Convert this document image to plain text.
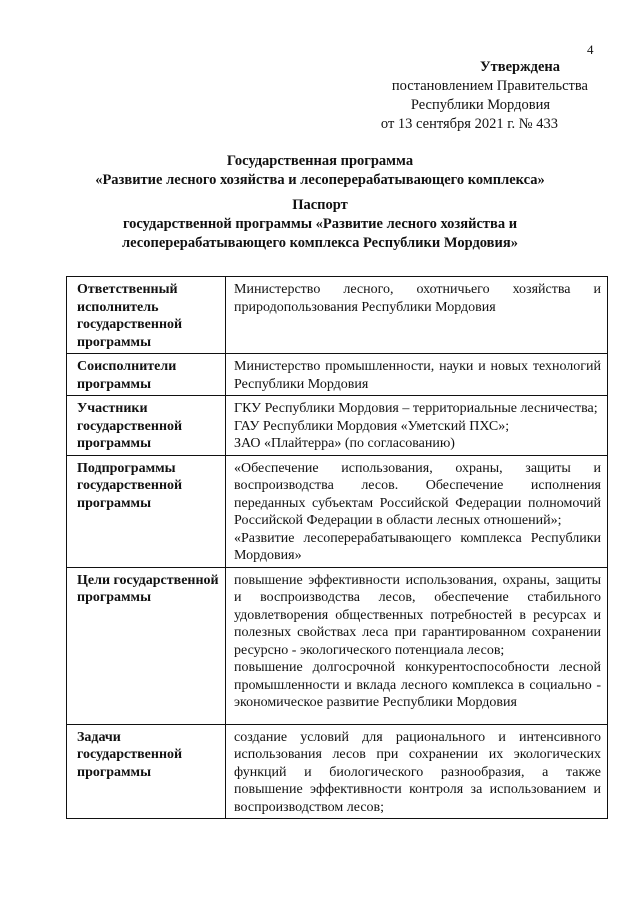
4
Утверждена
постановлением Правительства
Республики Мордовия
от 13 сентября 2021 г. № 433
Государственная программа
«Развитие лесного хозяйства и лесоперерабатывающего комплекса»
Паспорт
государственной программы «Развитие лесного хозяйства и
лесоперерабатывающего комплекса Республики Мордовия»
Ответственный исполнитель государственной программы	Министерство лесного, охотничьего хозяйства и природопользования Республики Мордовия

Соисполнители программы	Министерство промышленности, науки и новых технологий Республики Мордовия

Участники государственной программы	ГКУ Республики Мордовия – территориальные лесничества;

ГАУ Республики Мордовия «Уметский ПХС»;

ЗАО «Плайтерра» (по согласованию)

Подпрограммы государственной программы	«Обеспечение использования, охраны, защиты и воспроизводства лесов. Обеспечение исполнения переданных субъектам Российской Федерации полномочий Российской Федерации в области лесных отношений»;

«Развитие лесоперерабатывающего комплекса Республики Мордовия»

Цели государственной программы	повышение эффективности использования, охраны, защиты и воспроизводства лесов, обеспечение стабильного удовлетворения общественных потребностей в ресурсах и полезных свойствах леса при гарантированном сохранении ресурсно - экологического потенциала лесов;

повышение долгосрочной конкурентоспособности лесной промышленности и вклада лесного комплекса в социально - экономическое развитие Республики Мордовия

Задачи государственной программы	создание условий для рационального и интенсивного использования лесов при сохранении их экологических функций и биологического разнообразия, а также повышение эффективности контроля за использованием и воспроизводством лесов;
